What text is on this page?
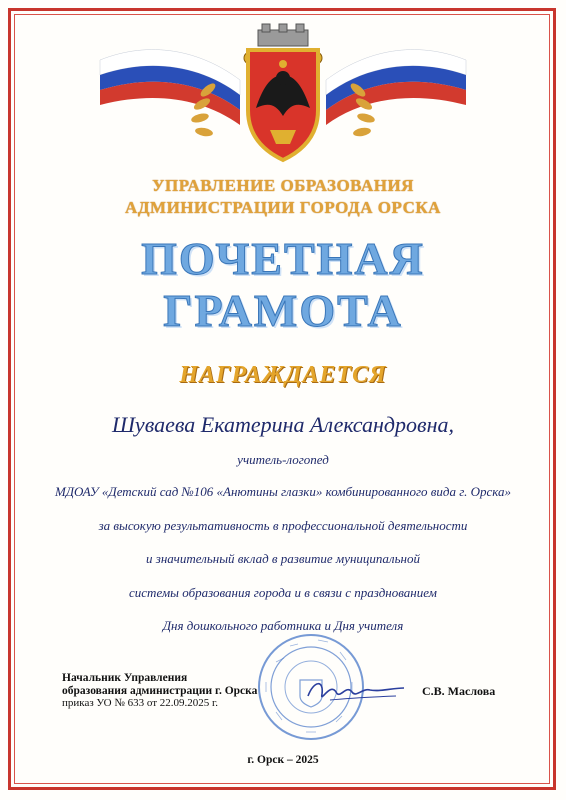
УПРАВЛЕНИЕ ОБРАЗОВАНИЯ
АДМИНИСТРАЦИИ ГОРОДА ОРСКА
ПОЧЕТНАЯ
ГРАМОТА
НАГРАЖДАЕТСЯ
Шуваева Екатерина Александровна,
учитель-логопед
МДОАУ «Детский сад №106 «Анютины глазки» комбинированного вида г. Орска»
за высокую результативность в профессиональной деятельности
и значительный вклад в развитие муниципальной
системы образования города и в связи с празднованием
Дня дошкольного работника и Дня учителя
Начальник Управления
образования администрации г. Орска
приказ УО № 633 от 22.09.2025 г.
С.В. Маслова
г. Орск – 2025
